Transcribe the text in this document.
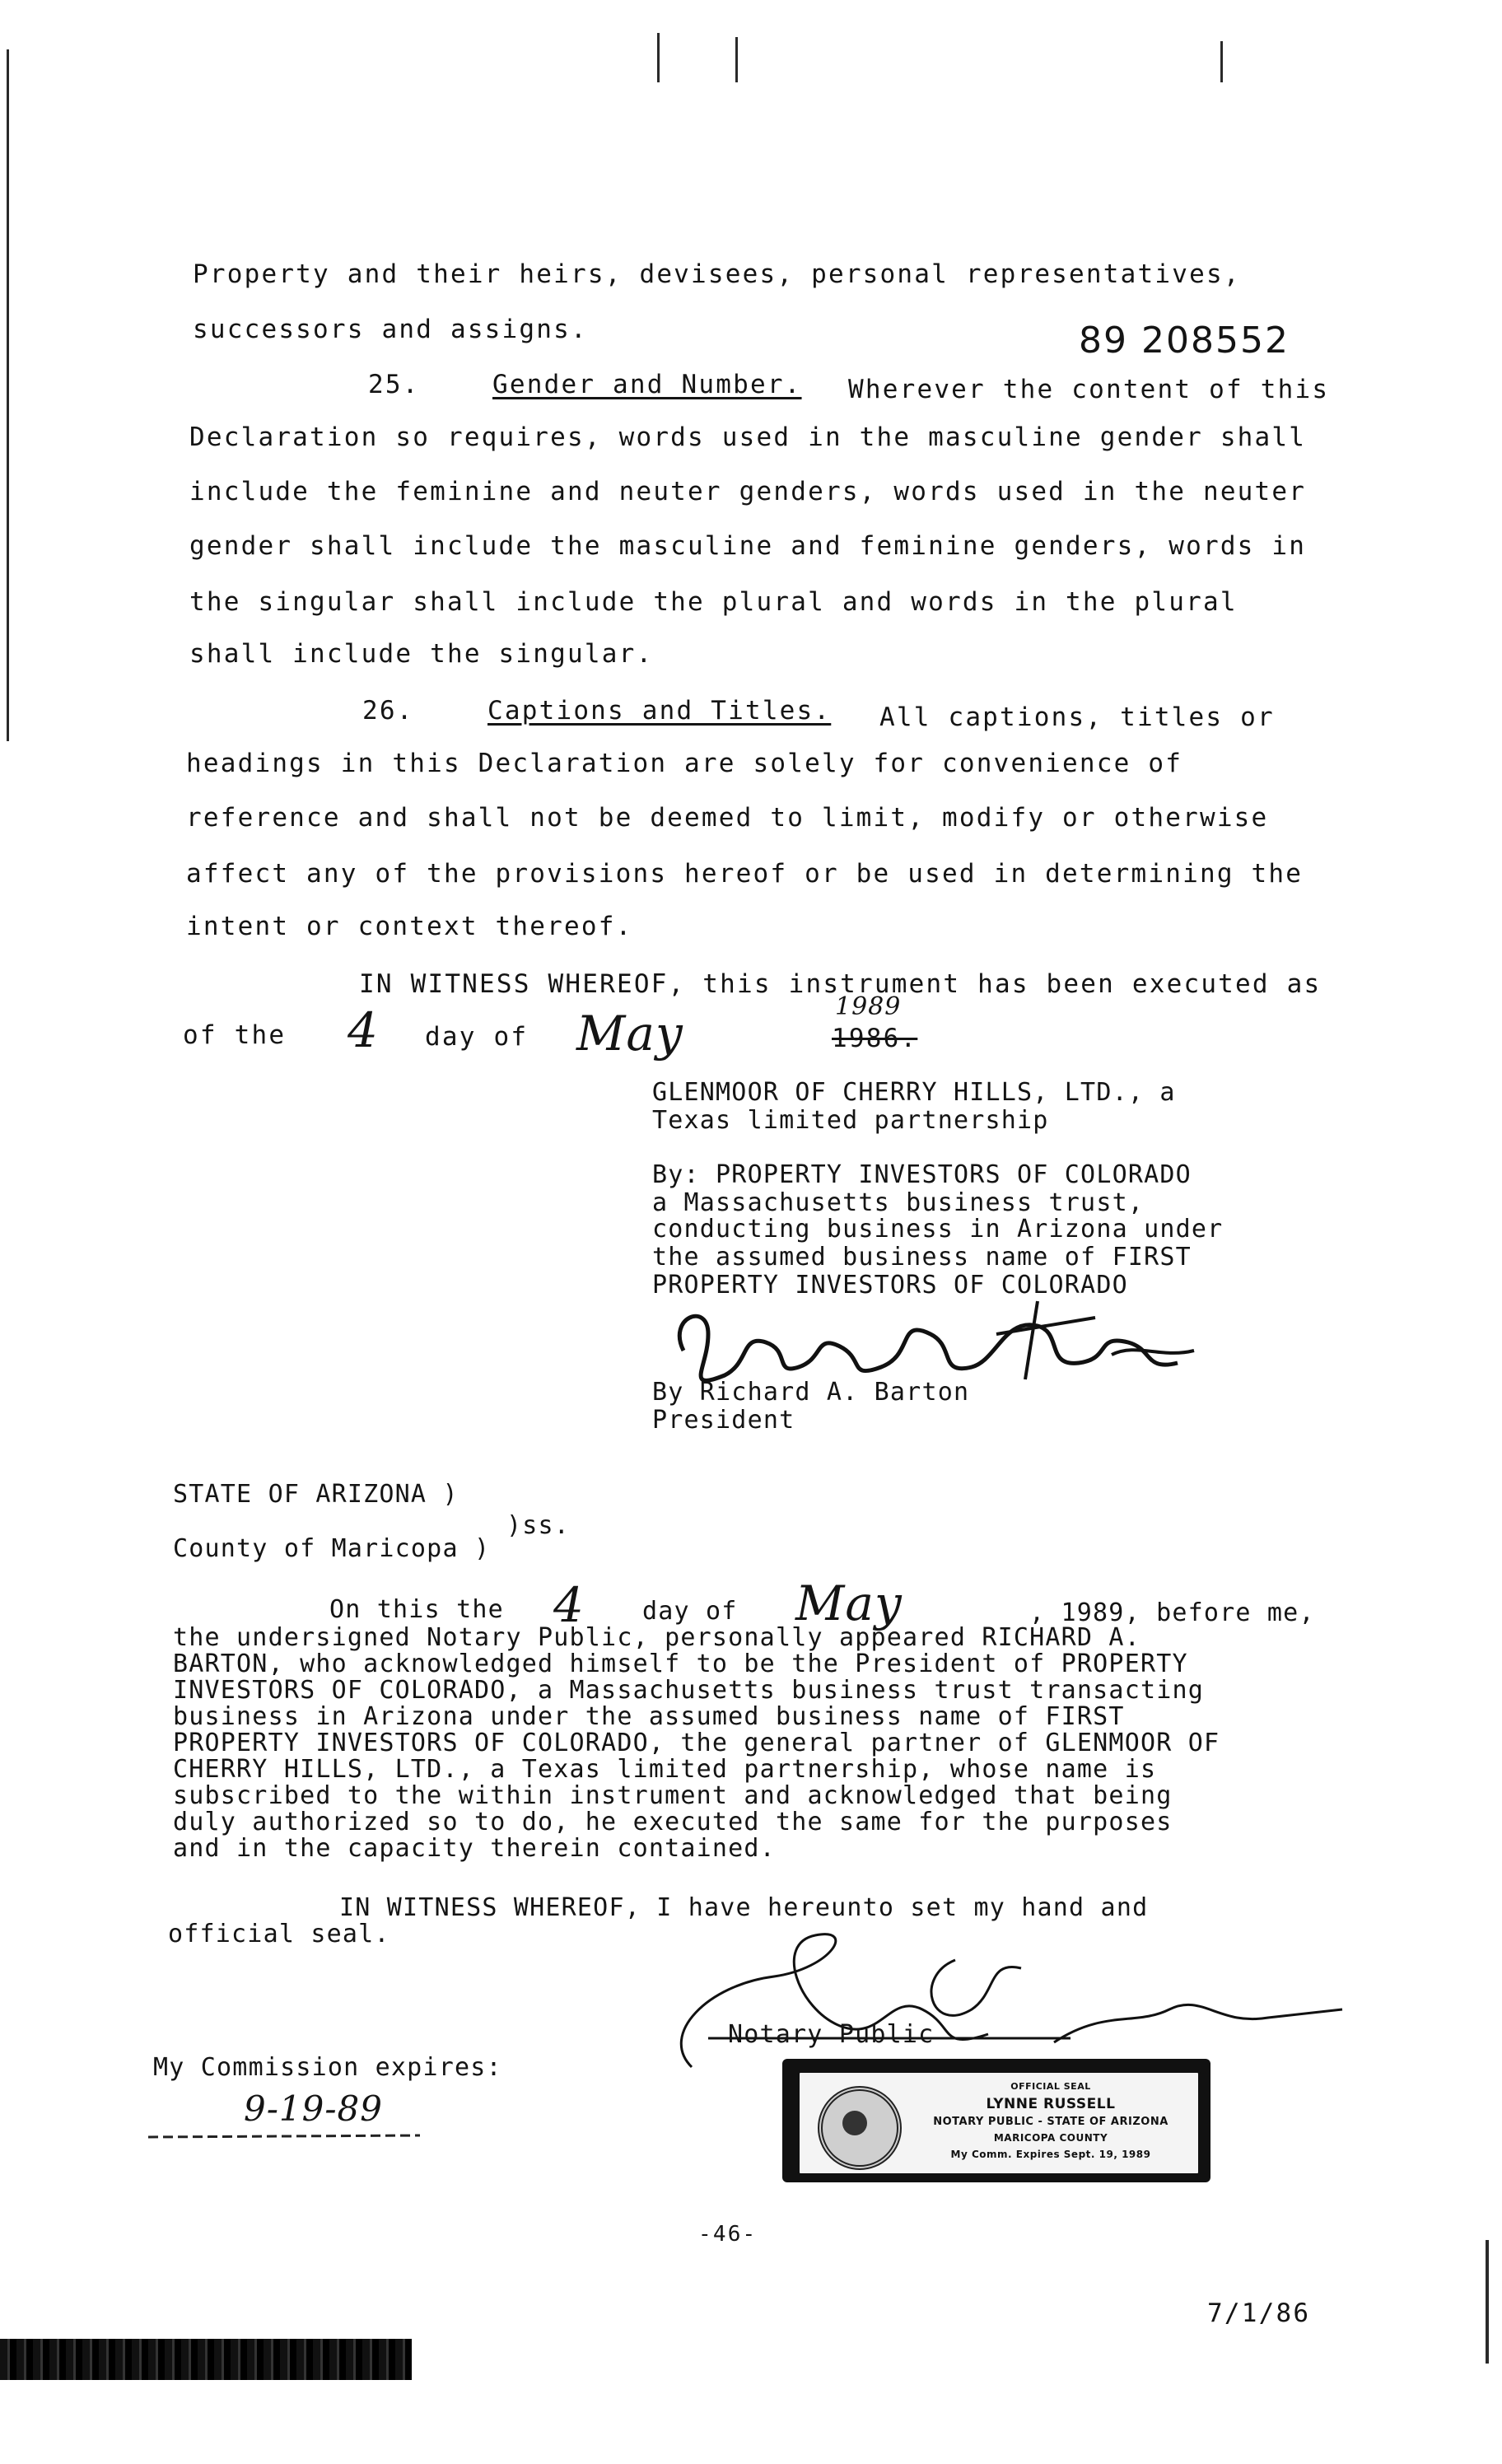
89 208552
Property and their heirs, devisees, personal representatives,
successors and assigns.
25.	Gender and Number. Wherever the content of this
Declaration so requires, words used in the masculine gender shall
include the feminine and neuter genders, words used in the neuter
gender shall include the masculine and feminine genders, words in
the singular shall include the plural and words in the plural
shall include the singular.
26.	Captions and Titles. All captions, titles or
headings in this Declaration are solely for convenience of
reference and shall not be deemed to limit, modify or otherwise
affect any of the provisions hereof or be used in determining the
intent or context thereof.
IN WITNESS WHEREOF, this instrument has been executed as
of the 4 day of May	1989
1986.
GLENMOOR OF CHERRY HILLS, LTD., a
Texas limited partnership
By: PROPERTY INVESTORS OF COLORADO
a Massachusetts business trust,
conducting business in Arizona under
the assumed business name of FIRST
PROPERTY INVESTORS OF COLORADO
By Richard A. Barton
President
STATE OF ARIZONA )
)ss.
County of Maricopa )
On this the 4 day of May	, 1989, before me,
the undersigned Notary Public, personally appeared RICHARD A.
BARTON, who acknowledged himself to be the President of PROPERTY
INVESTORS OF COLORADO, a Massachusetts business trust transacting
business in Arizona under the assumed business name of FIRST
PROPERTY INVESTORS OF COLORADO, the general partner of GLENMOOR OF
CHERRY HILLS, LTD., a Texas limited partnership, whose name is
subscribed to the within instrument and acknowledged that being
duly authorized so to do, he executed the same for the purposes
and in the capacity therein contained.
IN WITNESS WHEREOF, I have hereunto set my hand and
official seal.
Notary Public
My Commission expires:
9-19-89
OFFICIAL SEAL
LYNNE RUSSELL
NOTARY PUBLIC - STATE OF ARIZONA
MARICOPA COUNTY
My Comm. Expires Sept. 19, 1989
-46-
7/1/86
